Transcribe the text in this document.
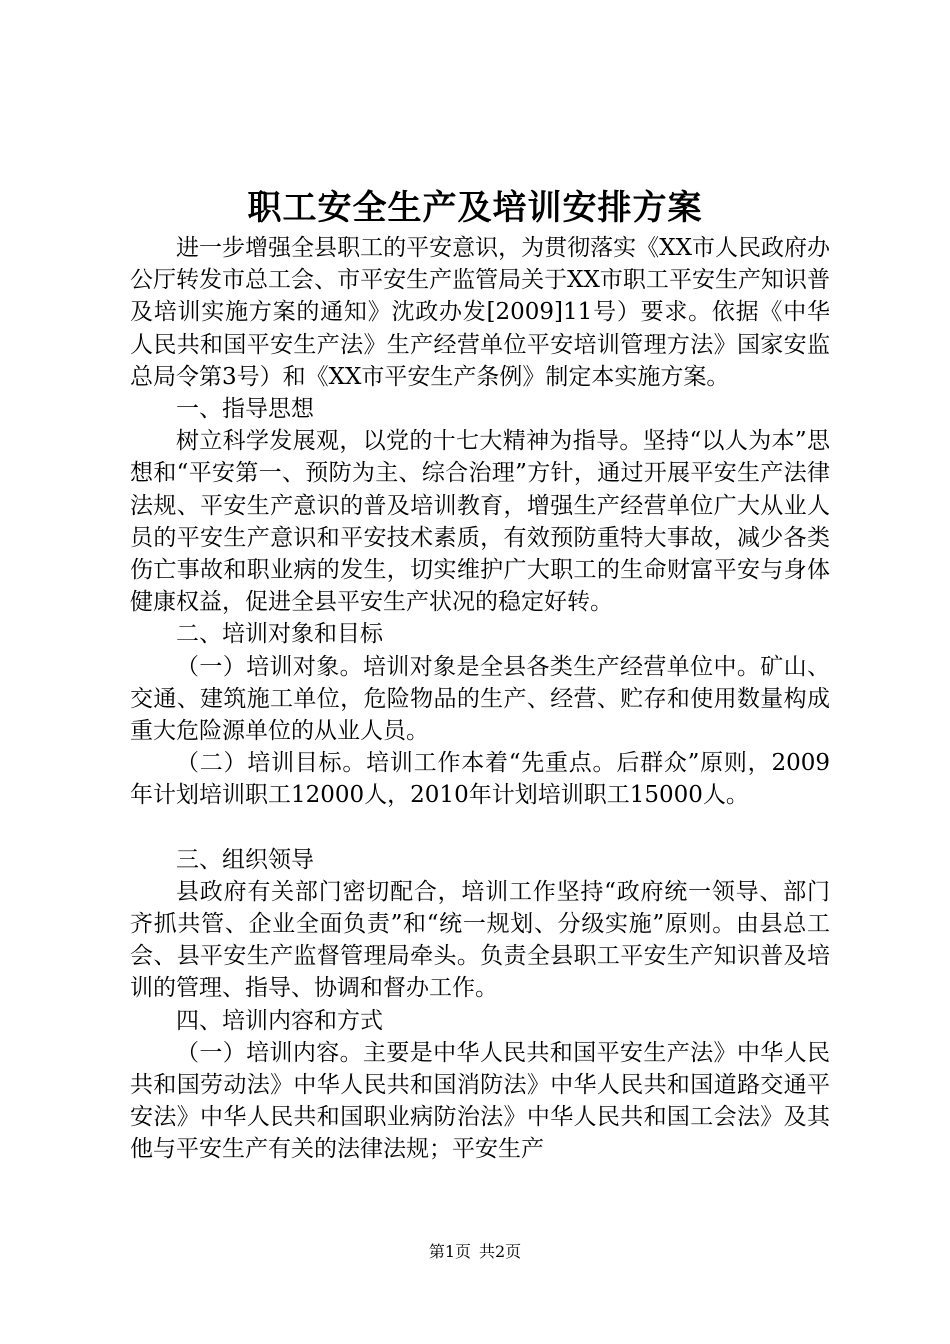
职工安全生产及培训安排方案

进一步增强全县职工的平安意识，为贯彻落实《XX市人民政府办公厅转发市总工会、市平安生产监管局关于XX市职工平安生产知识普及培训实施方案的通知》沈政办发[2009]11号）要求。依据《中华人民共和国平安生产法》生产经营单位平安培训管理方法》国家安监总局令第3号）和《XX市平安生产条例》制定本实施方案。

一、指导思想

树立科学发展观，以党的十七大精神为指导。坚持“以人为本”思想和“平安第一、预防为主、综合治理”方针，通过开展平安生产法律法规、平安生产意识的普及培训教育，增强生产经营单位广大从业人员的平安生产意识和平安技术素质，有效预防重特大事故，减少各类伤亡事故和职业病的发生，切实维护广大职工的生命财富平安与身体健康权益，促进全县平安生产状况的稳定好转。

二、培训对象和目标

（一）培训对象。培训对象是全县各类生产经营单位中。矿山、交通、建筑施工单位，危险物品的生产、经营、贮存和使用数量构成重大危险源单位的从业人员。

（二）培训目标。培训工作本着“先重点。后群众”原则，2009年计划培训职工12000人，2010年计划培训职工15000人。

三、组织领导

县政府有关部门密切配合，培训工作坚持“政府统一领导、部门齐抓共管、企业全面负责”和“统一规划、分级实施”原则。由县总工会、县平安生产监督管理局牵头。负责全县职工平安生产知识普及培训的管理、指导、协调和督办工作。

四、培训内容和方式

（一）培训内容。主要是中华人民共和国平安生产法》中华人民共和国劳动法》中华人民共和国消防法》中华人民共和国道路交通平安法》中华人民共和国职业病防治法》中华人民共和国工会法》及其他与平安生产有关的法律法规；平安生产

第1页 共2页
